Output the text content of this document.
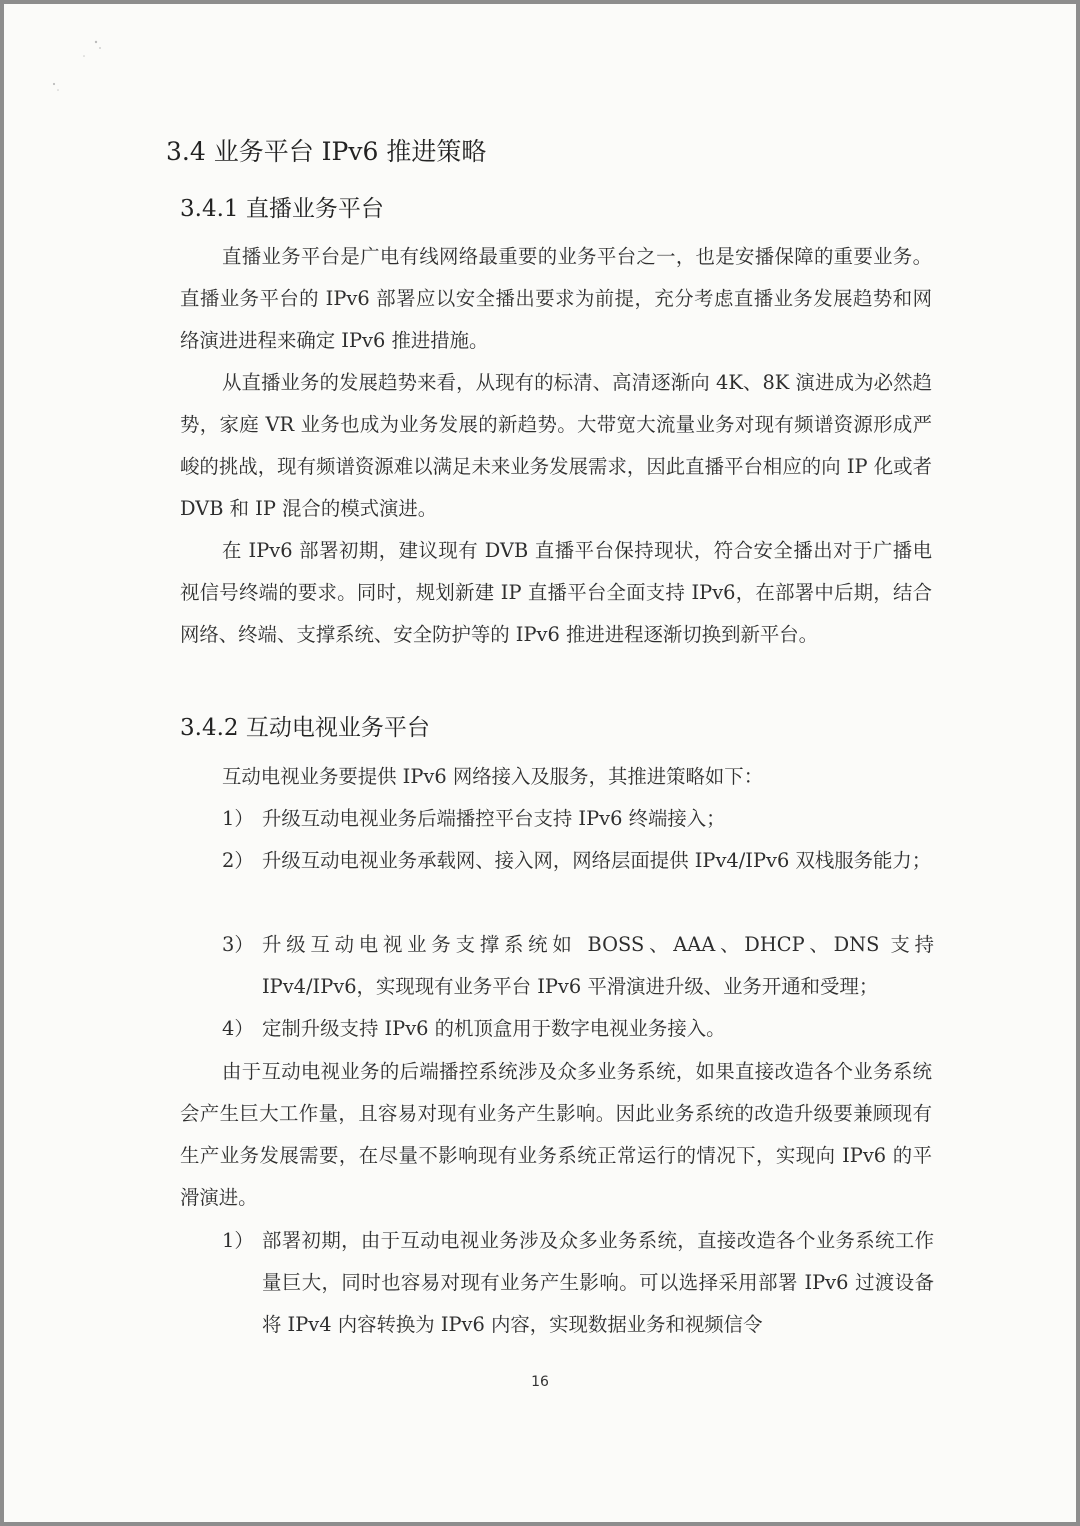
3.4 业务平台 IPv6 推进策略
3.4.1 直播业务平台

直播业务平台是广电有线网络最重要的业务平台之一，也是安播保障的重要业务。直播业务平台的 IPv6 部署应以安全播出要求为前提，充分考虑直播业务发展趋势和网络演进进程来确定 IPv6 推进措施。

从直播业务的发展趋势来看，从现有的标清、高清逐渐向 4K、8K 演进成为必然趋势，家庭 VR 业务也成为业务发展的新趋势。大带宽大流量业务对现有频谱资源形成严峻的挑战，现有频谱资源难以满足未来业务发展需求，因此直播平台相应的向 IP 化或者 DVB 和 IP 混合的模式演进。

在 IPv6 部署初期，建议现有 DVB 直播平台保持现状，符合安全播出对于广播电视信号终端的要求。同时，规划新建 IP 直播平台全面支持 IPv6，在部署中后期，结合网络、终端、支撑系统、安全防护等的 IPv6 推进进程逐渐切换到新平台。

3.4.2 互动电视业务平台

互动电视业务要提供 IPv6 网络接入及服务，其推进策略如下：

1） 升级互动电视业务后端播控平台支持 IPv6 终端接入；
2） 升级互动电视业务承载网、接入网，网络层面提供 IPv4/IPv6 双栈服务能力；
3） 升级互动电视业务支撑系统如 BOSS、AAA、DHCP、DNS 支持 IPv4/IPv6，实现现有业务平台 IPv6 平滑演进升级、业务开通和受理；
4） 定制升级支持 IPv6 的机顶盒用于数字电视业务接入。

由于互动电视业务的后端播控系统涉及众多业务系统，如果直接改造各个业务系统会产生巨大工作量，且容易对现有业务产生影响。因此业务系统的改造升级要兼顾现有生产业务发展需要，在尽量不影响现有业务系统正常运行的情况下，实现向 IPv6 的平滑演进。

1） 部署初期，由于互动电视业务涉及众多业务系统，直接改造各个业务系统工作量巨大，同时也容易对现有业务产生影响。可以选择采用部署 IPv6 过渡设备将 IPv4 内容转换为 IPv6 内容，实现数据业务和视频信令
16
